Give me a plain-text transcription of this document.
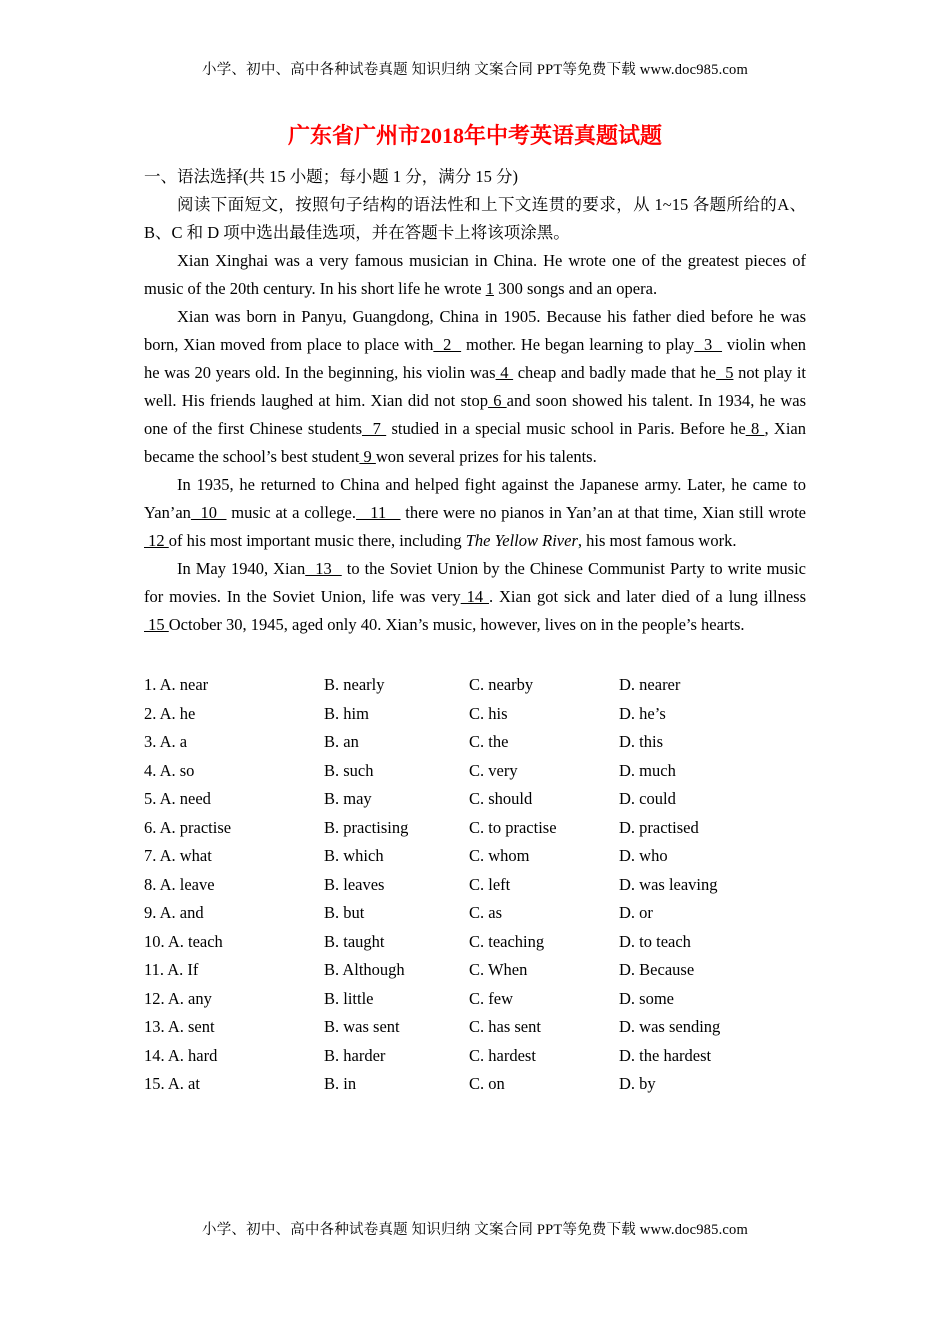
小学、初中、高中各种试卷真题 知识归纳 文案合同 PPT等免费下载 www.doc985.com
广东省广州市2018年中考英语真题试题

一、语法选择(共 15 小题；每小题 1 分，满分 15 分)

阅读下面短文，按照句子结构的语法性和上下文连贯的要求，从 1~15 各题所给的A、B、C 和 D 项中选出最佳选项，并在答题卡上将该项涂黑。

Xian Xinghai was a very famous musician in China. He wrote one of the greatest pieces of music of the 20th century. In his short life he wrote 1 300 songs and an opera.

Xian was born in Panyu, Guangdong, China in 1905. Because his father died before he was born, Xian moved from place to place with  2   mother. He began learning to play  3   violin when he was 20 years old. In the beginning, his violin was 4  cheap and badly made that he  5 not play it well. His friends laughed at him. Xian did not stop 6 and soon showed his talent. In 1934, he was one of the first Chinese students  7  studied in a special music school in Paris. Before he 8 , Xian became the school’s best student 9 won several prizes for his talents.

In 1935, he returned to China and helped fight against the Japanese army. Later, he came to Yan’an  10   music at a college.   11    there were no pianos in Yan’an at that time, Xian still wrote 12 of his most important music there, including The Yellow River, his most famous work.

In May 1940, Xian  13   to the Soviet Union by the Chinese Communist Party to write music for movies. In the Soviet Union, life was very 14 . Xian got sick and later died of a lung illness 15 October 30, 1945, aged only 40. Xian’s music, however, lives on in the people’s hearts.

1. A. near	B. nearly	C. nearby	D. nearer
2. A. he	B. him	C. his	D. he’s
3. A. a	B. an	C. the	D. this
4. A. so	B. such	C. very	D. much
5. A. need	B. may	C. should	D. could
6. A. practise	B. practising	C. to practise	D. practised
7. A. what	B. which	C. whom	D. who
8. A. leave	B. leaves	C. left	D. was leaving
9. A. and	B. but	C. as	D. or
10. A. teach	B. taught	C. teaching	D. to teach
11. A. If	B. Although	C. When	D. Because
12. A. any	B. little	C. few	D. some
13. A. sent	B. was sent	C. has sent	D. was sending
14. A. hard	B. harder	C. hardest	D. the hardest
15. A. at	B. in	C. on	D. by
小学、初中、高中各种试卷真题 知识归纳 文案合同 PPT等免费下载 www.doc985.com
